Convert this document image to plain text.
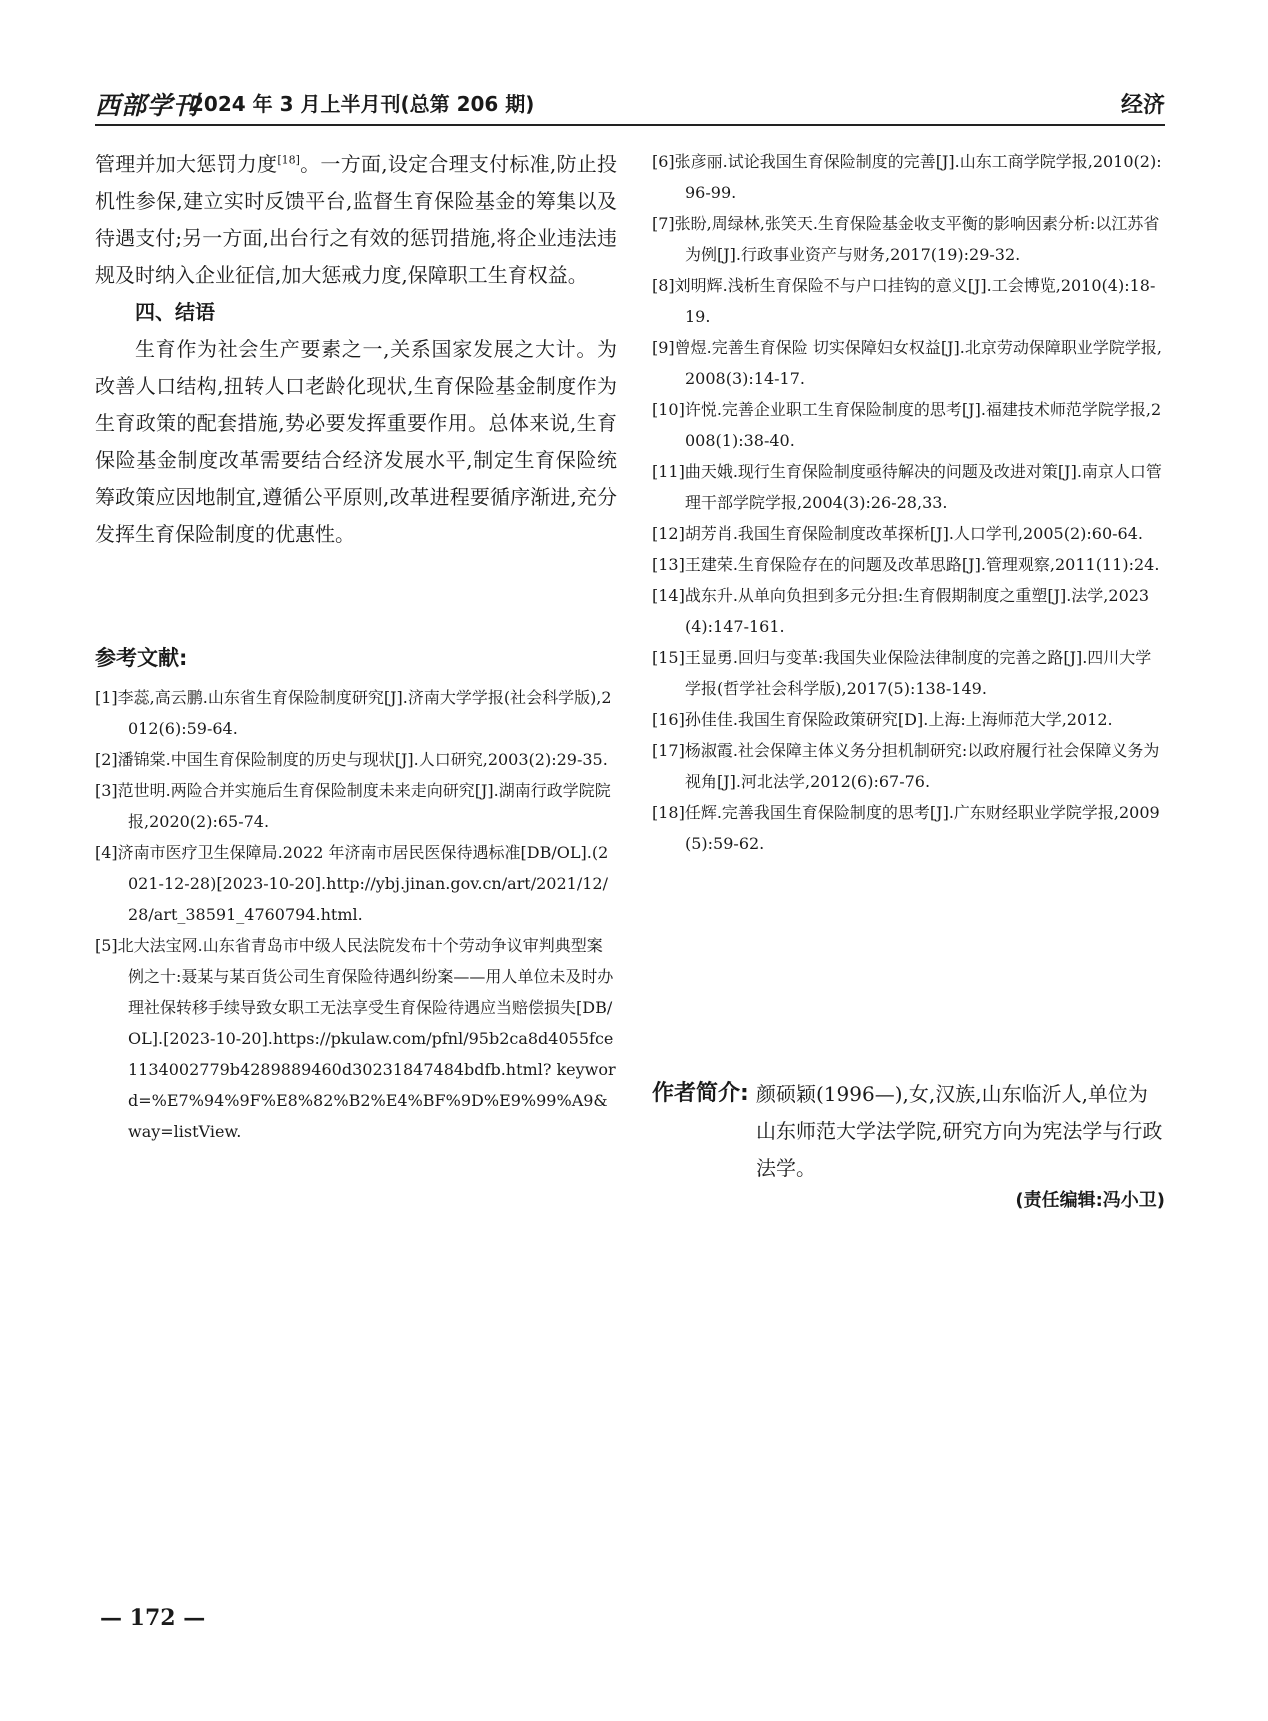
西部学刊
2024 年 3 月上半月刊(总第 206 期)	经济

管理并加大惩罚力度[18]。一方面,设定合理支付标准,防止投机性参保,建立实时反馈平台,监督生育保险基金的筹集以及待遇支付;另一方面,出台行之有效的惩罚措施,将企业违法违规及时纳入企业征信,加大惩戒力度,保障职工生育权益。

四、结语

生育作为社会生产要素之一,关系国家发展之大计。为改善人口结构,扭转人口老龄化现状,生育保险基金制度作为生育政策的配套措施,势必要发挥重要作用。总体来说,生育保险基金制度改革需要结合经济发展水平,制定生育保险统筹政策应因地制宜,遵循公平原则,改革进程要循序渐进,充分发挥生育保险制度的优惠性。

参考文献:

[1]李蕊,高云鹏.山东省生育保险制度研究[J].济南大学学报(社会科学版),2012(6):59-64.

[2]潘锦棠.中国生育保险制度的历史与现状[J].人口研究,2003(2):29-35.

[3]范世明.两险合并实施后生育保险制度未来走向研究[J].湖南行政学院院报,2020(2):65-74.

[4]济南市医疗卫生保障局.2022 年济南市居民医保待遇标准[DB/OL].(2021-12-28)[2023-10-20].http://ybj.jinan.gov.cn/art/2021/12/28/art_38591_4760794.html.

[5]北大法宝网.山东省青岛市中级人民法院发布十个劳动争议审判典型案例之十:聂某与某百货公司生育保险待遇纠纷案——用人单位未及时办理社保转移手续导致女职工无法享受生育保险待遇应当赔偿损失[DB/OL].[2023-10-20].https://pkulaw.com/pfnl/95b2ca8d4055fce1134002779b4289889460d30231847484bdfb.html? keyword=%E7%94%9F%E8%82%B2%E4%BF%9D%E9%99%A9&way=listView.

[6]张彦丽.试论我国生育保险制度的完善[J].山东工商学院学报,2010(2):96-99.

[7]张盼,周绿林,张笑天.生育保险基金收支平衡的影响因素分析:以江苏省为例[J].行政事业资产与财务,2017(19):29-32.

[8]刘明辉.浅析生育保险不与户口挂钩的意义[J].工会博览,2010(4):18-19.

[9]曾煜.完善生育保险 切实保障妇女权益[J].北京劳动保障职业学院学报,2008(3):14-17.

[10]许悦.完善企业职工生育保险制度的思考[J].福建技术师范学院学报,2008(1):38-40.

[11]曲天娥.现行生育保险制度亟待解决的问题及改进对策[J].南京人口管理干部学院学报,2004(3):26-28,33.

[12]胡芳肖.我国生育保险制度改革探析[J].人口学刊,2005(2):60-64.

[13]王建荣.生育保险存在的问题及改革思路[J].管理观察,2011(11):24.

[14]战东升.从单向负担到多元分担:生育假期制度之重塑[J].法学,2023(4):147-161.

[15]王显勇.回归与变革:我国失业保险法律制度的完善之路[J].四川大学学报(哲学社会科学版),2017(5):138-149.

[16]孙佳佳.我国生育保险政策研究[D].上海:上海师范大学,2012.

[17]杨淑霞.社会保障主体义务分担机制研究:以政府履行社会保障义务为视角[J].河北法学,2012(6):67-76.

[18]任辉.完善我国生育保险制度的思考[J].广东财经职业学院学报,2009(5):59-62.

作者简介: 颜硕颖(1996—),女,汉族,山东临沂人,单位为山东师范大学法学院,研究方向为宪法学与行政法学。

(责任编辑:冯小卫)
— 172 —
